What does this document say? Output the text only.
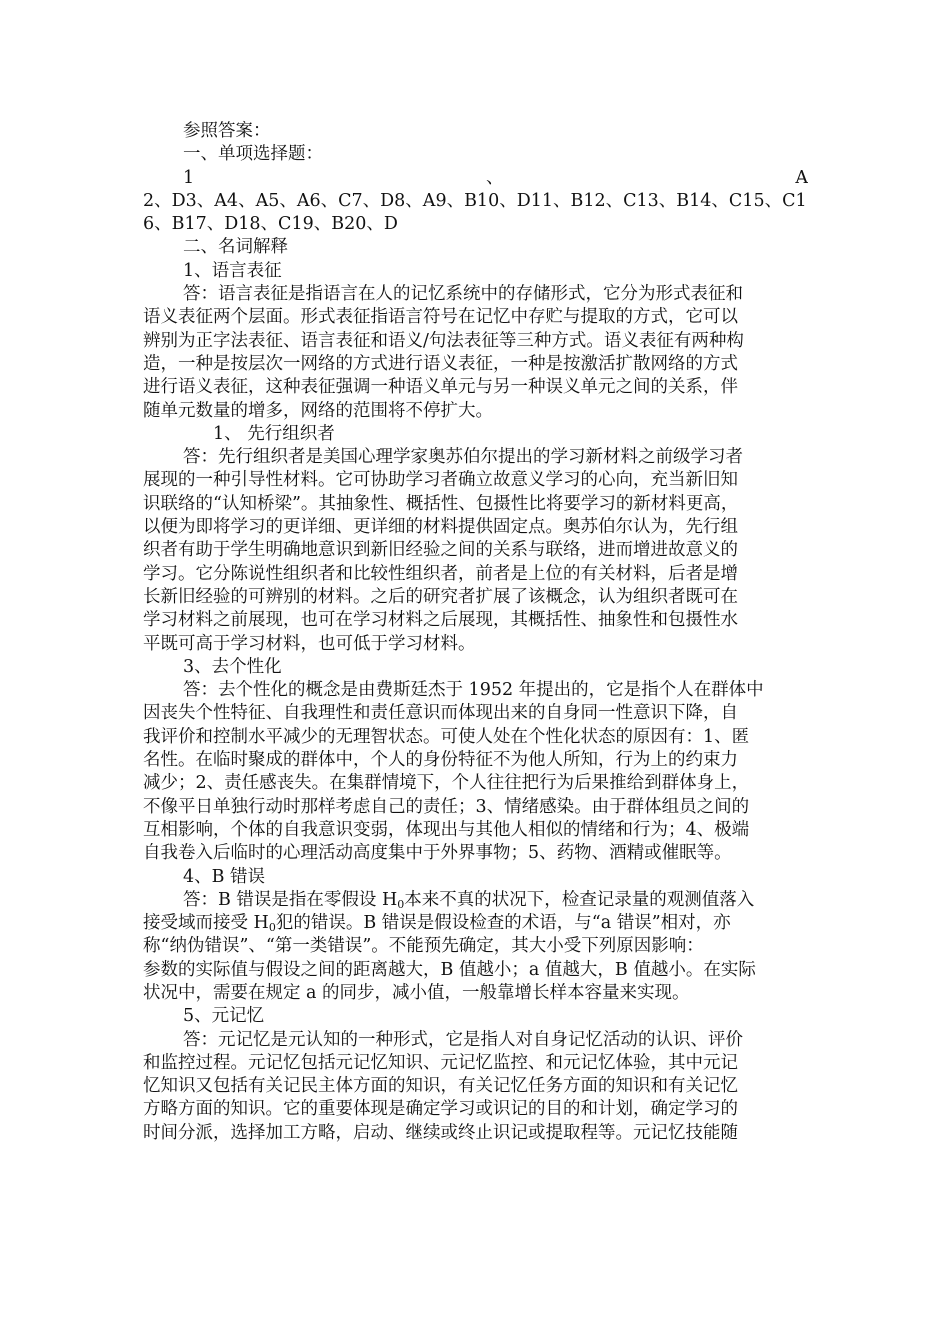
参照答案：

一、单项选择题：

1	、	A

2、D3、A4、A5、A6、C7、D8、A9、B10、D11、B12、C13、B14、C15、C1

6、B17、D18、C19、B20、D

二、名词解释

1、语言表征

答：语言表征是指语言在人的记忆系统中的存储形式，它分为形式表征和

语义表征两个层面。形式表征指语言符号在记忆中存贮与提取的方式，它可以

辨别为正字法表征、语言表征和语义/句法表征等三种方式。语义表征有两种构

造，一种是按层次一网络的方式进行语义表征，一种是按激活扩散网络的方式

进行语义表征，这种表征强调一种语义单元与另一种误义单元之间的关系，伴

随单元数量的增多，网络的范围将不停扩大。

1、 先行组织者

答：先行组织者是美国心理学家奥苏伯尔提出的学习新材料之前级学习者

展现的一种引导性材料。它可协助学习者确立故意义学习的心向，充当新旧知

识联络的“认知桥梁”。其抽象性、概括性、包摄性比将要学习的新材料更高，

以便为即将学习的更详细、更详细的材料提供固定点。奥苏伯尔认为，先行组

织者有助于学生明确地意识到新旧经验之间的关系与联络，进而增进故意义的

学习。它分陈说性组织者和比较性组织者，前者是上位的有关材料，后者是增

长新旧经验的可辨别的材料。之后的研究者扩展了该概念，认为组织者既可在

学习材料之前展现，也可在学习材料之后展现，其概括性、抽象性和包摄性水

平既可高于学习材料，也可低于学习材料。

3、去个性化

答：去个性化的概念是由费斯廷杰于 1952 年提出的，它是指个人在群体中

因丧失个性特征、自我理性和责任意识而体现出来的自身同一性意识下降，自

我评价和控制水平减少的无理智状态。可使人处在个性化状态的原因有：1、匿

名性。在临时聚成的群体中，个人的身份特征不为他人所知，行为上的约束力

减少；2、责任感丧失。在集群情境下，个人往往把行为后果推给到群体身上，

不像平日单独行动时那样考虑自己的责任；3、情绪感染。由于群体组员之间的

互相影响，个体的自我意识变弱，体现出与其他人相似的情绪和行为；4、极端

自我卷入后临时的心理活动高度集中于外界事物；5、药物、酒精或催眠等。

4、B 错误

答：B 错误是指在零假设 $H_0$本来不真的状况下，检查记录量的观测值落入

接受域而接受 $H_0$犯的错误。B 错误是假设检查的术语，与“a 错误”相对，亦

称“纳伪错误”、“第一类错误”。不能预先确定，其大小受下列原因影响：

参数的实际值与假设之间的距离越大，B 值越小；a 值越大，B 值越小。在实际

状况中，需要在规定 a 的同步，减小值，一般靠增长样本容量来实现。

5、元记忆

答：元记忆是元认知的一种形式，它是指人对自身记忆活动的认识、评价

和监控过程。元记忆包括元记忆知识、元记忆监控、和元记忆体验，其中元记

忆知识又包括有关记民主体方面的知识，有关记忆任务方面的知识和有关记忆

方略方面的知识。它的重要体现是确定学习或识记的目的和计划，确定学习的

时间分派，选择加工方略，启动、继续或终止识记或提取程等。元记忆技能随
